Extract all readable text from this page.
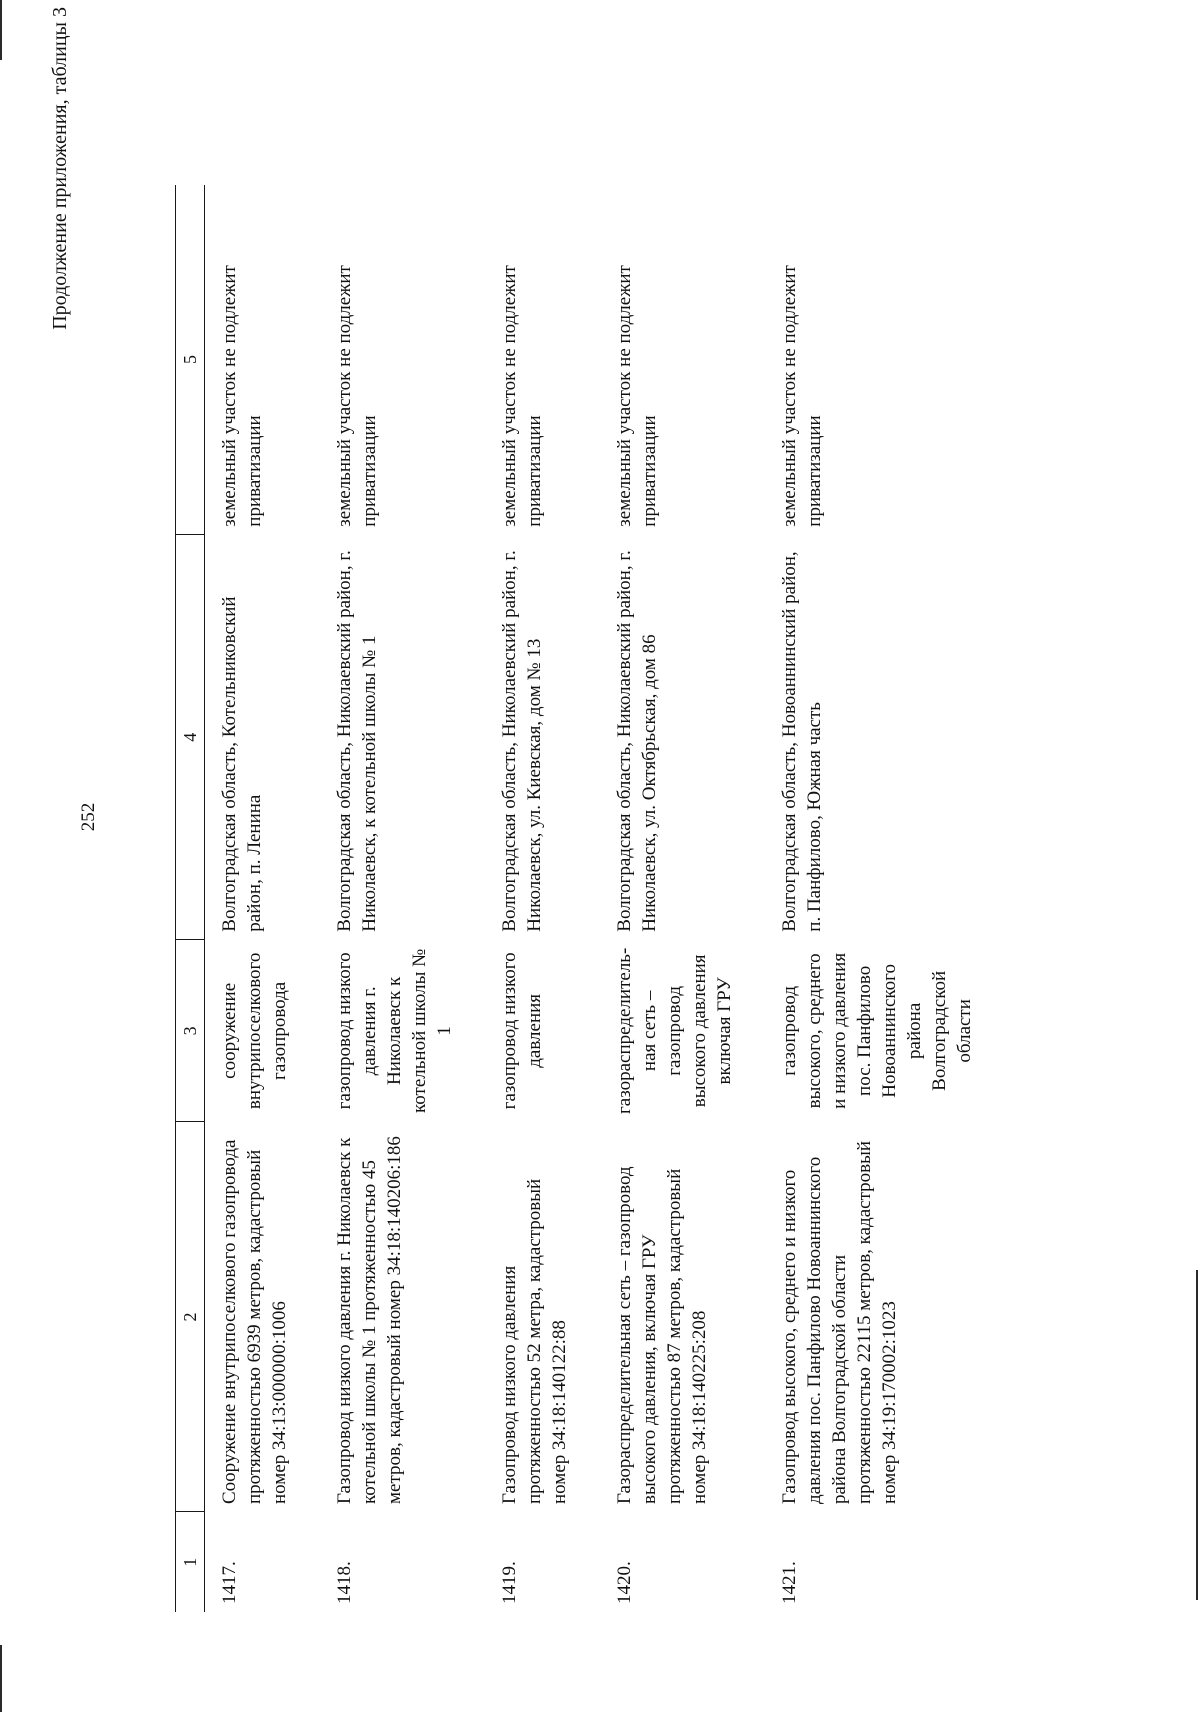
Продолжение приложения, таблицы 3
252
1	2	3	4	5
1417.	Сооружение внутрипоселкового газопровода протяженностью 6939 метров, кадастровый номер 34:13:000000:1006	сооружение внутрипоселкового газопровода	Волгоградская область, Котельниковский район, п. Ленина	земельный участок не подлежит приватизации
1418.	Газопровод низкого давления г. Николаевск к котельной школы № 1 протяженностью 45 метров, кадастровый номер 34:18:140206:186	газопровод низкого давления г. Николаевск к котельной школы № 1	Волгоградская область, Николаевский район, г. Николаевск, к котельной школы № 1	земельный участок не подлежит приватизации
1419.	Газопровод низкого давления протяженностью 52 метра, кадастровый номер 34:18:140122:88	газопровод низкого давления	Волгоградская область, Николаевский район, г. Николаевск, ул. Киевская, дом № 13	земельный участок не подлежит приватизации
1420.	Газораспределительная сеть – газопровод высокого давления, включая ГРУ протяженностью 87 метров, кадастровый номер 34:18:140225:208	газораспределитель-ная сеть – газопровод высокого давления включая ГРУ	Волгоградская область, Николаевский район, г. Николаевск, ул. Октябрьская, дом 86	земельный участок не подлежит приватизации
1421.	Газопровод высокого, среднего и низкого давления пос. Панфилово Новоаннинского района Волгоградской области протяженностью 22115 метров, кадастровый номер 34:19:170002:1023	газопровод высокого, среднего и низкого давления пос. Панфилово Новоаннинского района Волгоградской области	Волгоградская область, Новоаннинский район, п. Панфилово, Южная часть	земельный участок не подлежит приватизации
